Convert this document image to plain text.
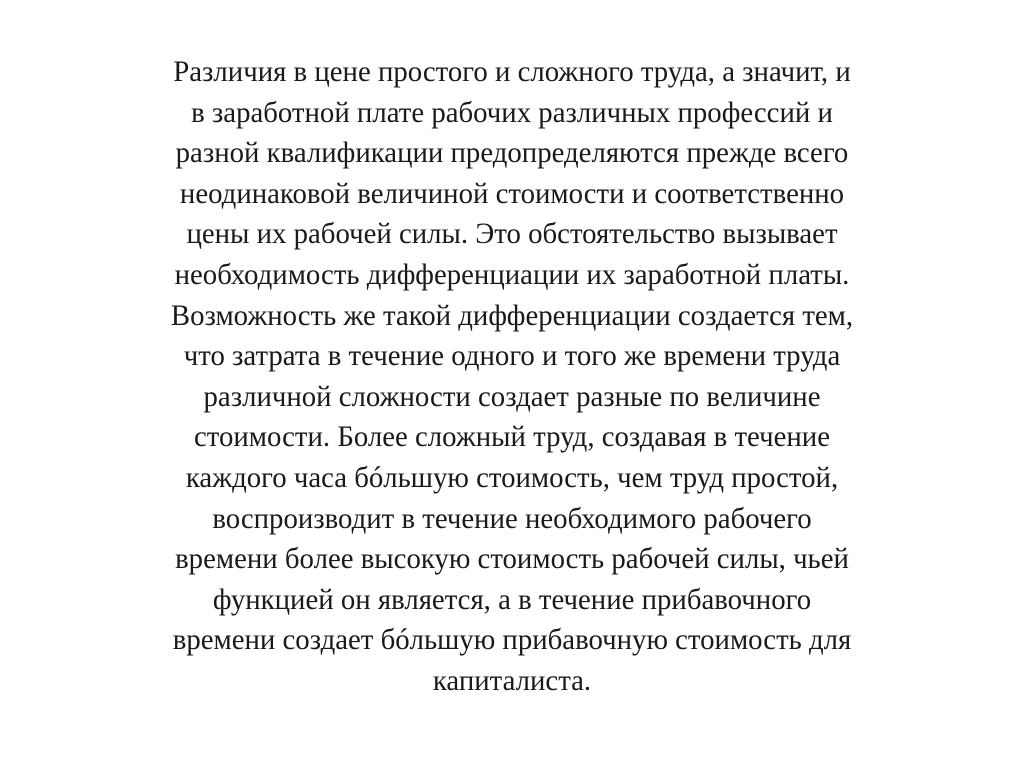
Различия в цене простого и сложного труда, а значит, и
в заработной плате рабочих различных профессий и
разной квалификации предопределяются прежде всего
неодинаковой величиной стоимости и соответственно
цены их рабочей силы. Это обстоятельство вызывает
необходимость дифференциации их заработной платы.
Возможность же такой дифференциации создается тем,
что затрата в течение одного и того же времени труда
различной сложности создает разные по величине
стоимости. Более сложный труд, создавая в течение
каждого часа бóльшую стоимость, чем труд простой,
воспроизводит в течение необходимого рабочего
времени более высокую стоимость рабочей силы, чьей
функцией он является, а в течение прибавочного
времени создает бóльшую прибавочную стоимость для
капиталиста.
